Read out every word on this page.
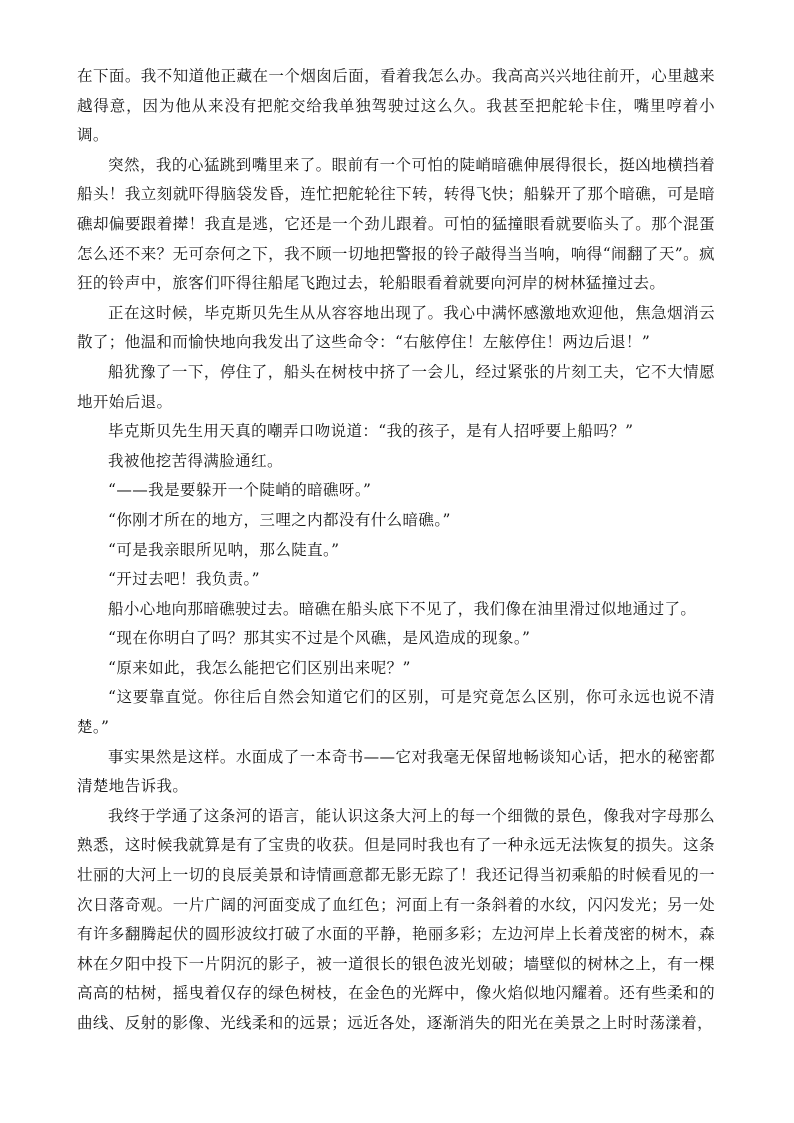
在下面。我不知道他正藏在一个烟囱后面，看着我怎么办。我高高兴兴地往前开，心里越来越得意，因为他从来没有把舵交给我单独驾驶过这么久。我甚至把舵轮卡住，嘴里哼着小调。

突然，我的心猛跳到嘴里来了。眼前有一个可怕的陡峭暗礁伸展得很长，挺凶地横挡着船头！我立刻就吓得脑袋发昏，连忙把舵轮往下转，转得飞快；船躲开了那个暗礁，可是暗礁却偏要跟着撵！我直是逃，它还是一个劲儿跟着。可怕的猛撞眼看就要临头了。那个混蛋怎么还不来？无可奈何之下，我不顾一切地把警报的铃子敲得当当响，响得“闹翻了天”。疯狂的铃声中，旅客们吓得往船尾飞跑过去，轮船眼看着就要向河岸的树林猛撞过去。

正在这时候，毕克斯贝先生从从容容地出现了。我心中满怀感激地欢迎他，焦急烟消云散了；他温和而愉快地向我发出了这些命令：“右舷停住！左舷停住！两边后退！”

船犹豫了一下，停住了，船头在树枝中挤了一会儿，经过紧张的片刻工夫，它不大情愿地开始后退。

毕克斯贝先生用天真的嘲弄口吻说道：“我的孩子，是有人招呼要上船吗？”

我被他挖苦得满脸通红。

“——我是要躲开一个陡峭的暗礁呀。”

“你刚才所在的地方，三哩之内都没有什么暗礁。”

“可是我亲眼所见呐，那么陡直。”

“开过去吧！我负责。”

船小心地向那暗礁驶过去。暗礁在船头底下不见了，我们像在油里滑过似地通过了。

“现在你明白了吗？那其实不过是个风礁，是风造成的现象。”

“原来如此，我怎么能把它们区别出来呢？”

“这要靠直觉。你往后自然会知道它们的区别，可是究竟怎么区别，你可永远也说不清楚。”

事实果然是这样。水面成了一本奇书——它对我毫无保留地畅谈知心话，把水的秘密都清楚地告诉我。

我终于学通了这条河的语言，能认识这条大河上的每一个细微的景色，像我对字母那么熟悉，这时候我就算是有了宝贵的收获。但是同时我也有了一种永远无法恢复的损失。这条壮丽的大河上一切的良辰美景和诗情画意都无影无踪了！我还记得当初乘船的时候看见的一次日落奇观。一片广阔的河面变成了血红色；河面上有一条斜着的水纹，闪闪发光；另一处有许多翻腾起伏的圆形波纹打破了水面的平静，艳丽多彩；左边河岸上长着茂密的树木，森林在夕阳中投下一片阴沉的影子，被一道很长的银色波光划破；墙壁似的树林之上，有一棵高高的枯树，摇曳着仅存的绿色树枝，在金色的光辉中，像火焰似地闪耀着。还有些柔和的曲线、反射的影像、光线柔和的远景；远近各处，逐渐消失的阳光在美景之上时时荡漾着，
